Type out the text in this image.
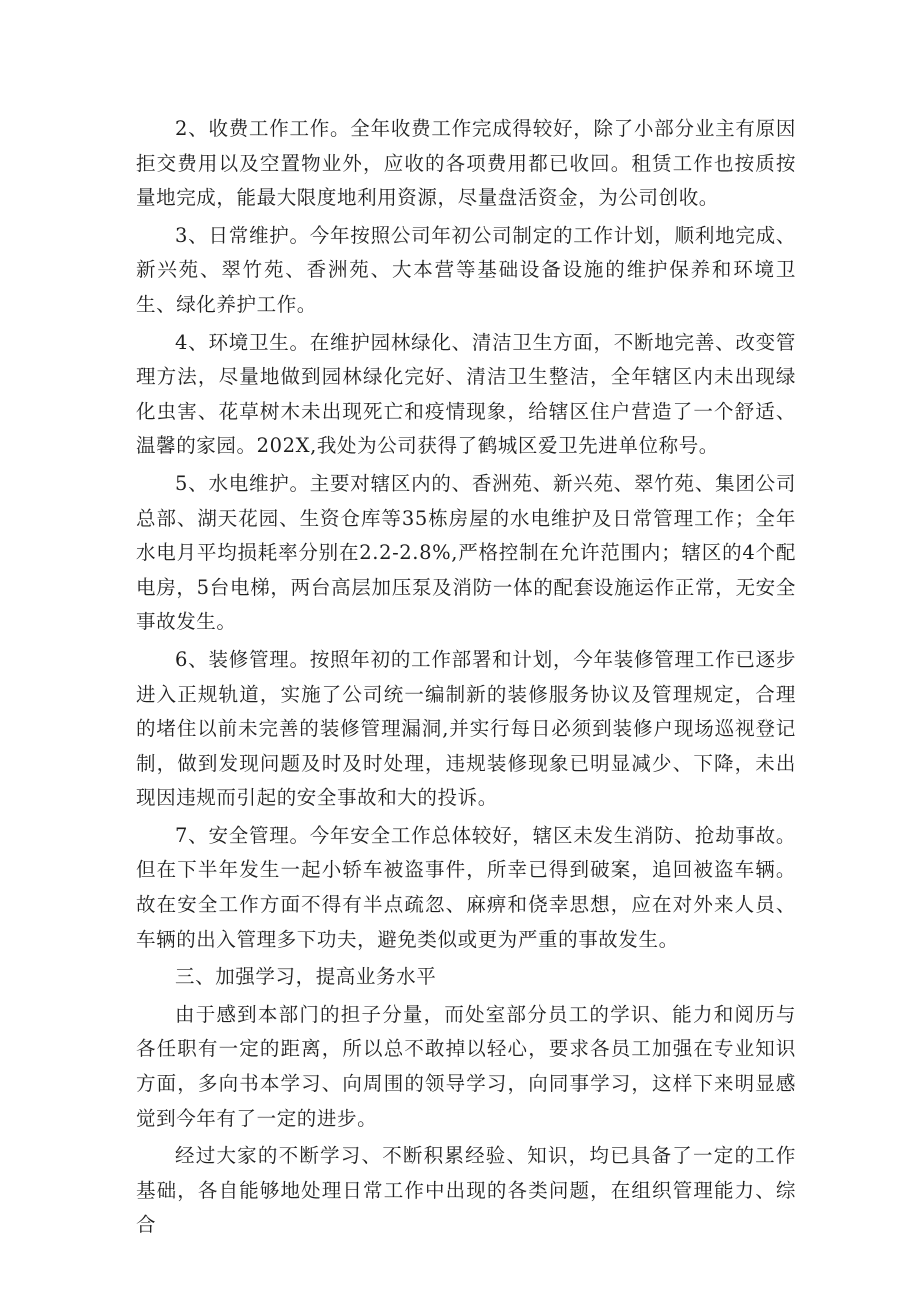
2、收费工作工作。全年收费工作完成得较好，除了小部分业主有原因拒交费用以及空置物业外，应收的各项费用都已收回。租赁工作也按质按量地完成，能最大限度地利用资源，尽量盘活资金，为公司创收。

3、日常维护。今年按照公司年初公司制定的工作计划，顺利地完成、新兴苑、翠竹苑、香洲苑、大本营等基础设备设施的维护保养和环境卫生、绿化养护工作。

4、环境卫生。在维护园林绿化、清洁卫生方面，不断地完善、改变管理方法，尽量地做到园林绿化完好、清洁卫生整洁，全年辖区内未出现绿化虫害、花草树木未出现死亡和疫情现象，给辖区住户营造了一个舒适、温馨的家园。202X,我处为公司获得了鹤城区爱卫先进单位称号。

5、水电维护。主要对辖区内的、香洲苑、新兴苑、翠竹苑、集团公司总部、湖天花园、生资仓库等35栋房屋的水电维护及日常管理工作；全年水电月平均损耗率分别在2.2-2.8%,严格控制在允许范围内；辖区的4个配电房，5台电梯，两台高层加压泵及消防一体的配套设施运作正常，无安全事故发生。

6、装修管理。按照年初的工作部署和计划，今年装修管理工作已逐步进入正规轨道，实施了公司统一编制新的装修服务协议及管理规定，合理的堵住以前未完善的装修管理漏洞,并实行每日必须到装修户现场巡视登记制，做到发现问题及时及时处理，违规装修现象已明显减少、下降，未出现因违规而引起的安全事故和大的投诉。

7、安全管理。今年安全工作总体较好，辖区未发生消防、抢劫事故。但在下半年发生一起小轿车被盗事件，所幸已得到破案，追回被盗车辆。故在安全工作方面不得有半点疏忽、麻痹和侥幸思想，应在对外来人员、车辆的出入管理多下功夫，避免类似或更为严重的事故发生。

三、加强学习，提高业务水平

由于感到本部门的担子分量，而处室部分员工的学识、能力和阅历与各任职有一定的距离，所以总不敢掉以轻心，要求各员工加强在专业知识方面，多向书本学习、向周围的领导学习，向同事学习，这样下来明显感觉到今年有了一定的进步。

经过大家的不断学习、不断积累经验、知识，均已具备了一定的工作基础，各自能够地处理日常工作中出现的各类问题，在组织管理能力、综合
